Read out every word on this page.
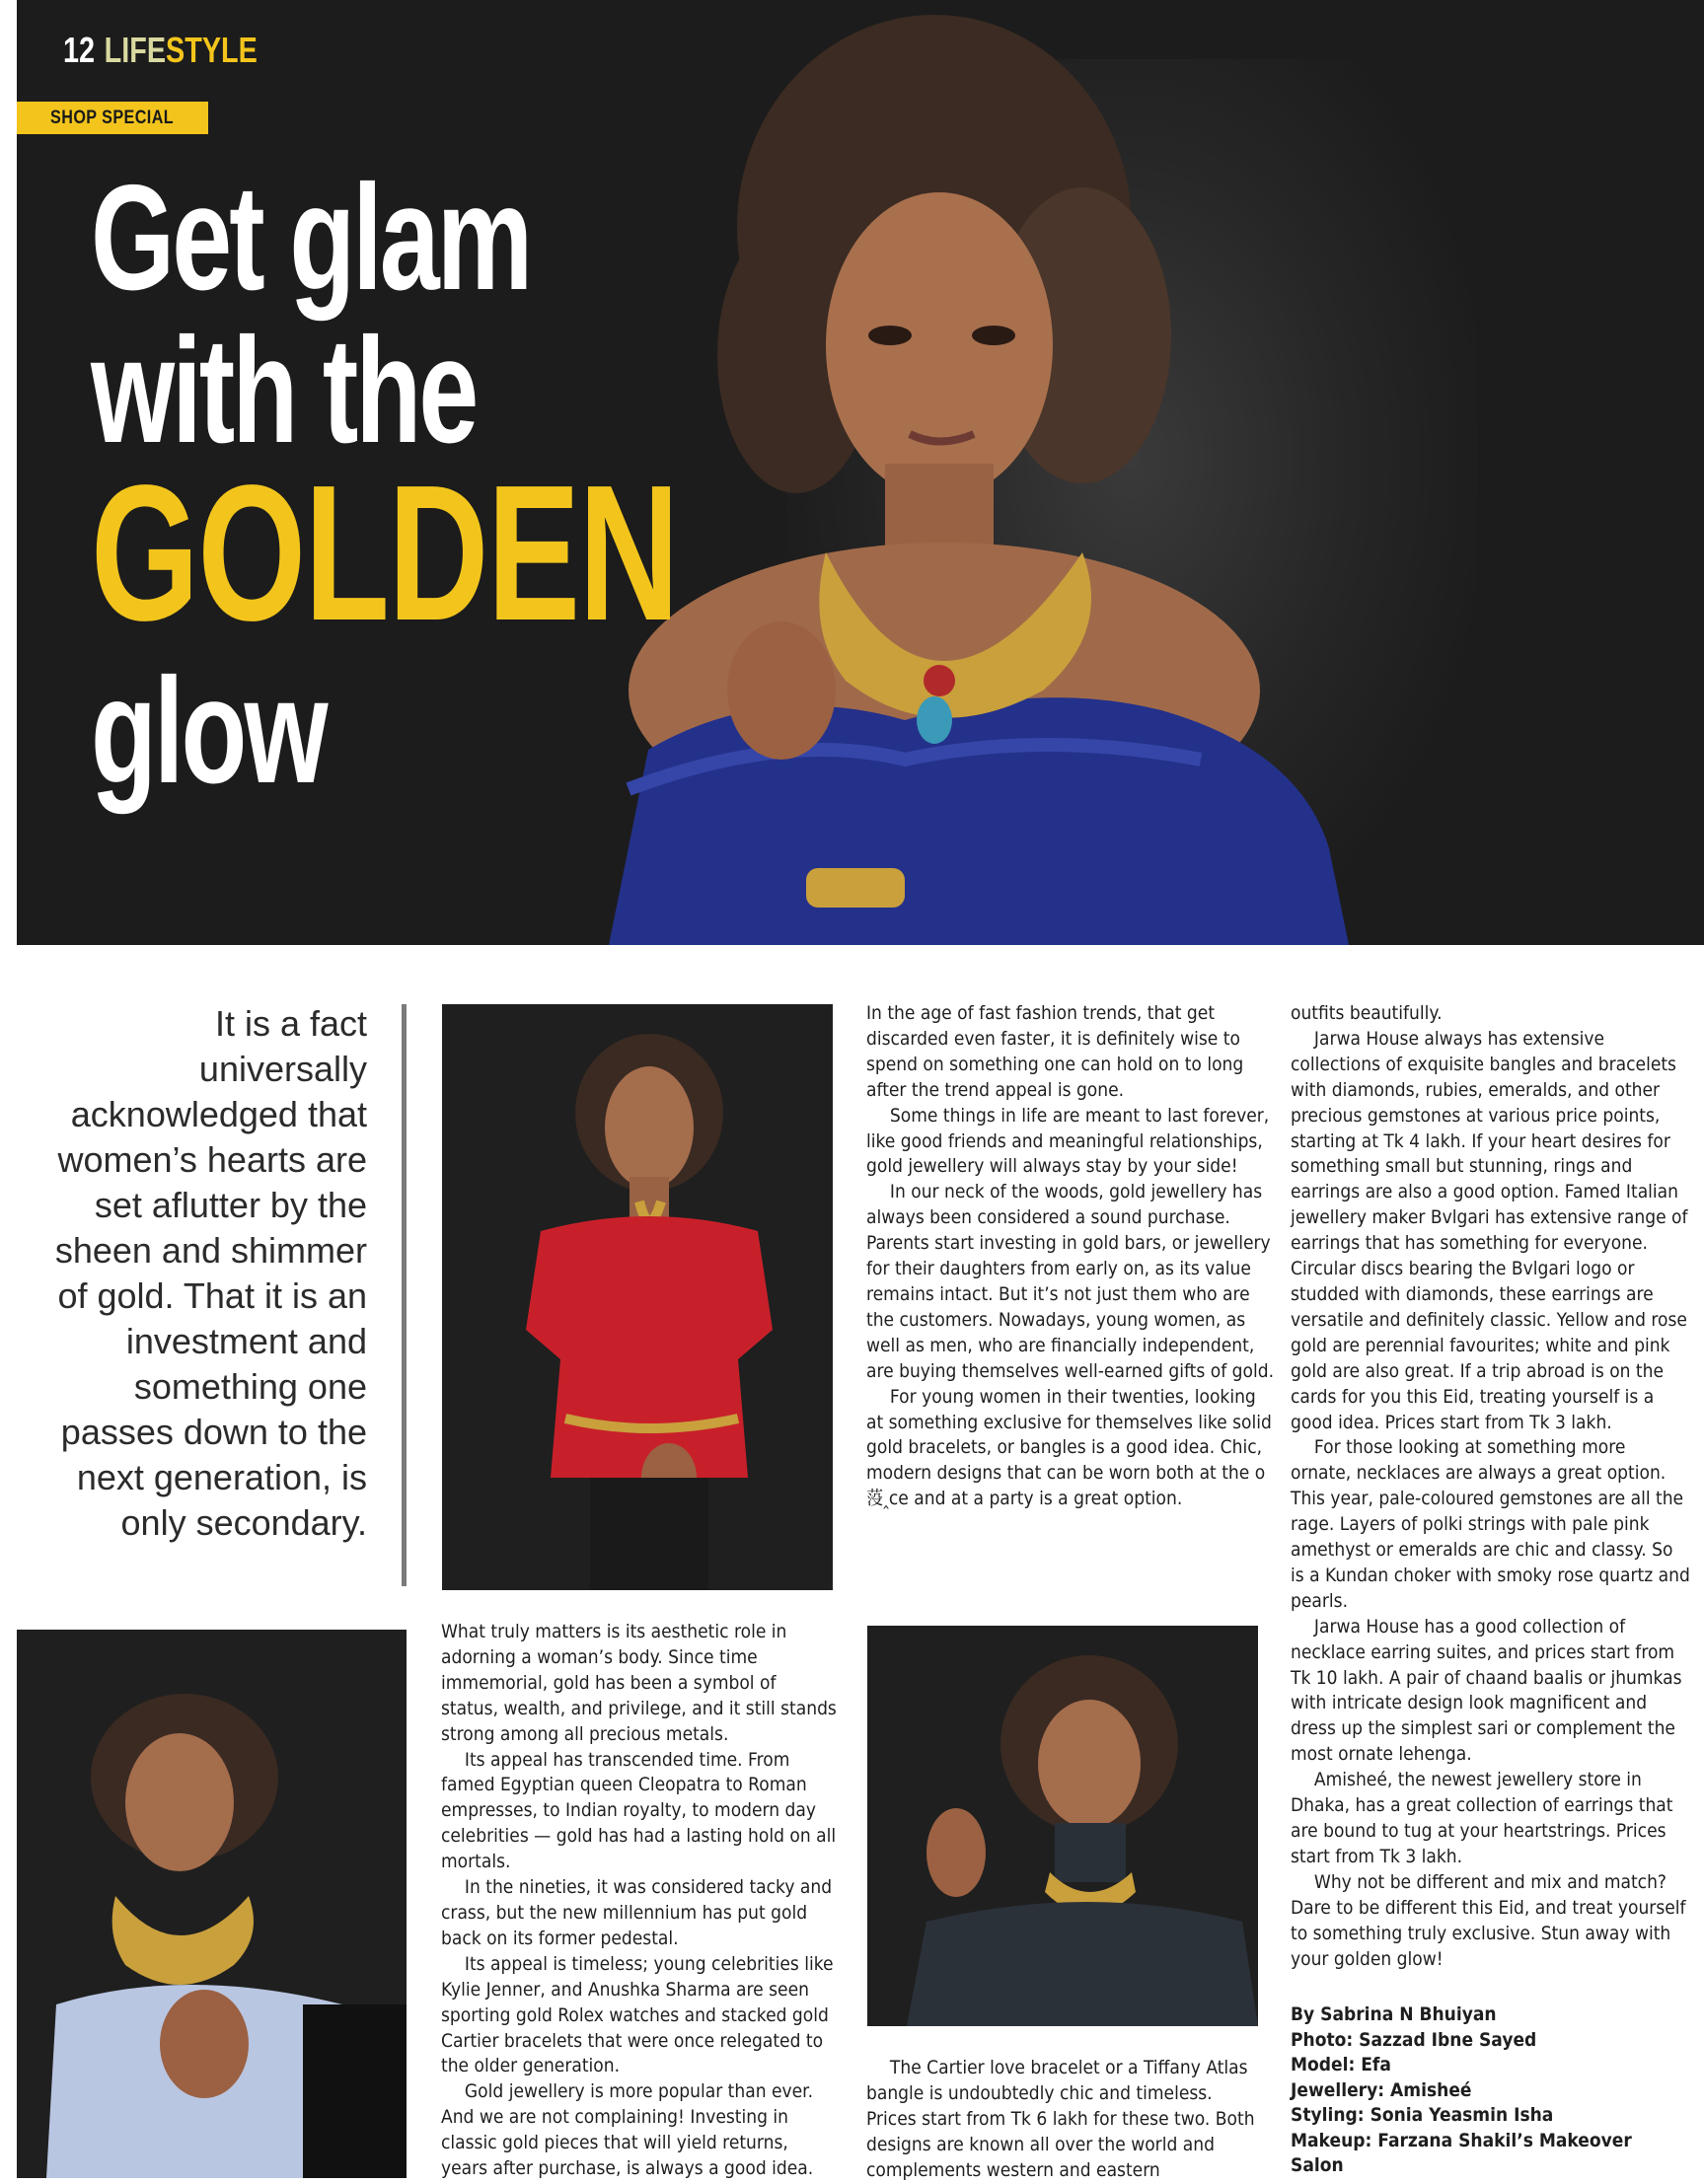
12 LIFESTYLE
SHOP SPECIAL
Get glam
with the
GOLDEN
glow
It is a fact universally acknowledged that women’s hearts are set aflutter by the sheen and shimmer of gold. That it is an investment and something one passes down to the next generation, is only secondary.

What truly matters is its aesthetic role in adorning a woman’s body. Since time immemorial, gold has been a symbol of status, wealth, and privilege, and it still stands strong among all precious metals.

Its appeal has transcended time. From famed Egyptian queen Cleopatra to Roman empresses, to Indian royalty, to modern day celebrities — gold has had a lasting hold on all mortals.

In the nineties, it was considered tacky and crass, but the new millennium has put gold back on its former pedestal.

Its appeal is timeless; young celebrities like Kylie Jenner, and Anushka Sharma are seen sporting gold Rolex watches and stacked gold Cartier bracelets that were once relegated to the older generation.

Gold jewellery is more popular than ever. And we are not complaining! Investing in classic gold pieces that will yield returns, years after purchase, is always a good idea.

In the age of fast fashion trends, that get discarded even faster, it is definitely wise to spend on something one can hold on to long after the trend appeal is gone.

Some things in life are meant to last forever, like good friends and meaningful relationships, gold jewellery will always stay by your side!

In our neck of the woods, gold jewellery has always been considered a sound purchase. Parents start investing in gold bars, or jewellery for their daughters from early on, as its value remains intact. But it’s not just them who are the customers. Nowadays, young women, as well as men, who are financially independent, are buying themselves well-earned gifts of gold.

For young women in their twenties, looking at something exclusive for themselves like solid gold bracelets, or bangles is a good idea. Chic, modern designs that can be worn both at the o莈‸ce and at a party is a great option.

The Cartier love bracelet or a Tiffany Atlas bangle is undoubtedly chic and timeless. Prices start from Tk 6 lakh for these two. Both designs are known all over the world and complements western and eastern

outfits beautifully.

Jarwa House always has extensive collections of exquisite bangles and bracelets with diamonds, rubies, emeralds, and other precious gemstones at various price points, starting at Tk 4 lakh. If your heart desires for something small but stunning, rings and earrings are also a good option. Famed Italian jewellery maker Bvlgari has extensive range of earrings that has something for everyone. Circular discs bearing the Bvlgari logo or studded with diamonds, these earrings are versatile and definitely classic. Yellow and rose gold are perennial favourites; white and pink gold are also great. If a trip abroad is on the cards for you this Eid, treating yourself is a good idea. Prices start from Tk 3 lakh.

For those looking at something more ornate, necklaces are always a great option. This year, pale-coloured gemstones are all the rage. Layers of polki strings with pale pink amethyst or emeralds are chic and classy. So is a Kundan choker with smoky rose quartz and pearls.

Jarwa House has a good collection of necklace earring suites, and prices start from Tk 10 lakh. A pair of chaand baalis or jhumkas with intricate design look magnificent and dress up the simplest sari or complement the most ornate lehenga.

Amisheé, the newest jewellery store in Dhaka, has a great collection of earrings that are bound to tug at your heartstrings. Prices start from Tk 3 lakh.

Why not be different and mix and match? Dare to be different this Eid, and treat yourself to something truly exclusive. Stun away with your golden glow!

By Sabrina N Bhuiyan
Photo: Sazzad Ibne Sayed
Model: Efa
Jewellery: Amisheé
Styling: Sonia Yeasmin Isha
Makeup: Farzana Shakil’s Makeover
Salon
